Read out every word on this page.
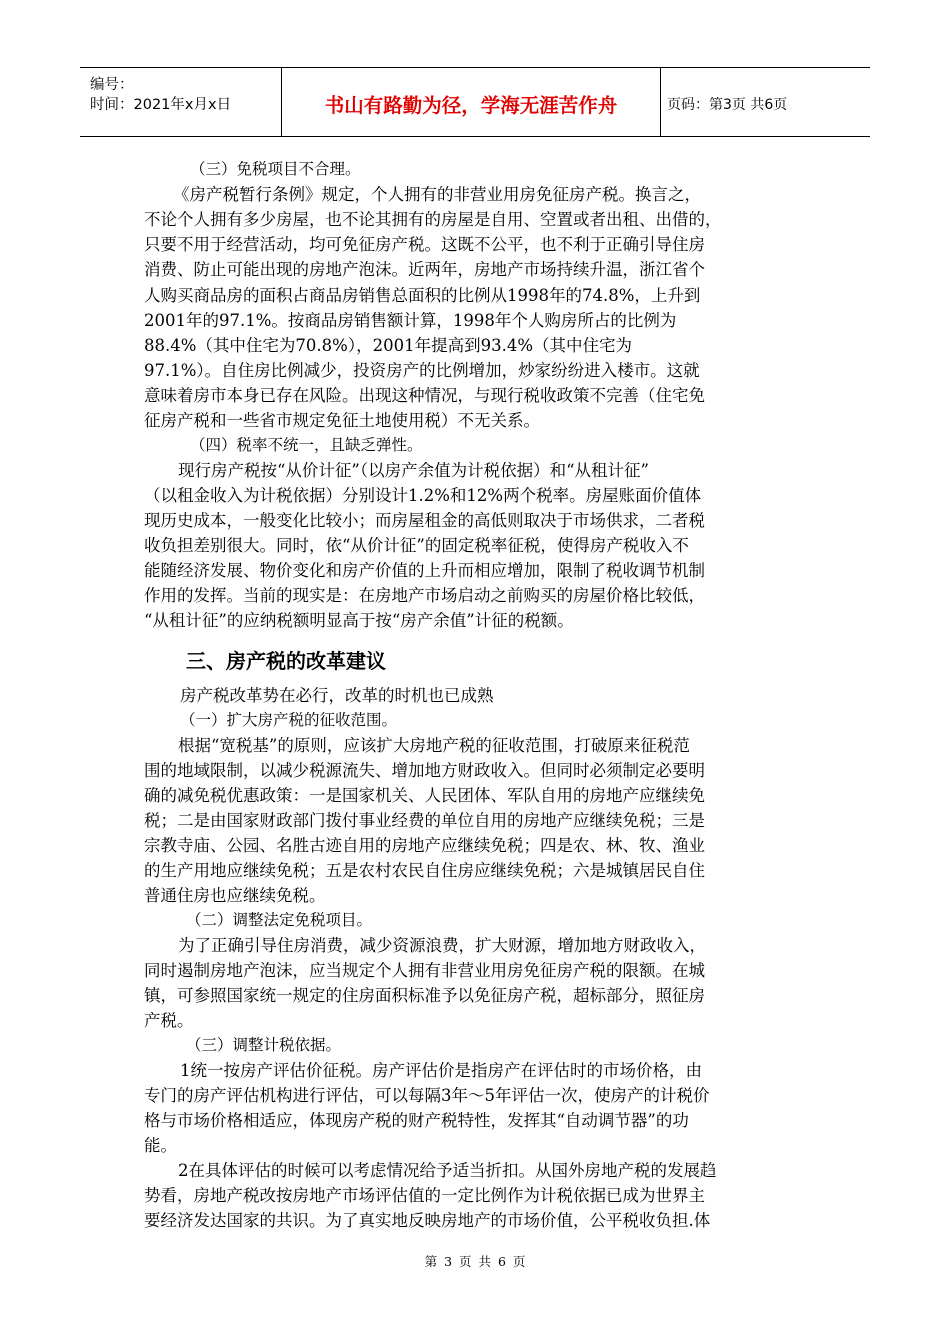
编号：
时间：2021年x月x日	书山有路勤为径，学海无涯苦作舟	页码：第3页 共6页
（三）免税项目不合理。
《房产税暂行条例》规定，个人拥有的非营业用房免征房产税。换言之，
不论个人拥有多少房屋，也不论其拥有的房屋是自用、空置或者出租、出借的，
只要不用于经营活动，均可免征房产税。这既不公平，也不利于正确引导住房
消费、防止可能出现的房地产泡沫。近两年，房地产市场持续升温，浙江省个
人购买商品房的面积占商品房销售总面积的比例从1998年的74.8%，上升到
2001年的97.1%。按商品房销售额计算，1998年个人购房所占的比例为
88.4%（其中住宅为70.8%），2001年提高到93.4%（其中住宅为
97.1%）。自住房比例减少，投资房产的比例增加，炒家纷纷进入楼市。这就
意味着房市本身已存在风险。出现这种情况，与现行税收政策不完善（住宅免
征房产税和一些省市规定免征土地使用税）不无关系。
（四）税率不统一，且缺乏弹性。
现行房产税按“从价计征”（以房产余值为计税依据）和“从租计征”
（以租金收入为计税依据）分别设计1.2%和12%两个税率。房屋账面价值体
现历史成本，一般变化比较小；而房屋租金的高低则取决于市场供求，二者税
收负担差别很大。同时，依“从价计征”的固定税率征税，使得房产税收入不
能随经济发展、物价变化和房产价值的上升而相应增加，限制了税收调节机制
作用的发挥。当前的现实是：在房地产市场启动之前购买的房屋价格比较低，
“从租计征”的应纳税额明显高于按“房产余值”计征的税额。
三、房产税的改革建议
房产税改革势在必行，改革的时机也已成熟
（一）扩大房产税的征收范围。
根据“宽税基”的原则，应该扩大房地产税的征收范围，打破原来征税范
围的地域限制，以减少税源流失、增加地方财政收入。但同时必须制定必要明
确的减免税优惠政策：一是国家机关、人民团体、军队自用的房地产应继续免
税；二是由国家财政部门拨付事业经费的单位自用的房地产应继续免税；三是
宗教寺庙、公园、名胜古迹自用的房地产应继续免税；四是农、林、牧、渔业
的生产用地应继续免税；五是农村农民自住房应继续免税；六是城镇居民自住
普通住房也应继续免税。
（二）调整法定免税项目。
为了正确引导住房消费，减少资源浪费，扩大财源，增加地方财政收入，
同时遏制房地产泡沫，应当规定个人拥有非营业用房免征房产税的限额。在城
镇，可参照国家统一规定的住房面积标准予以免征房产税，超标部分，照征房
产税。
（三）调整计税依据。
1统一按房产评估价征税。房产评估价是指房产在评估时的市场价格，由
专门的房产评估机构进行评估，可以每隔3年～5年评估一次，使房产的计税价
格与市场价格相适应，体现房产税的财产税特性，发挥其“自动调节器”的功
能。
2在具体评估的时候可以考虑情况给予适当折扣。从国外房地产税的发展趋
势看，房地产税改按房地产市场评估值的一定比例作为计税依据已成为世界主
要经济发达国家的共识。为了真实地反映房地产的市场价值，公平税收负担.体
第 3 页 共 6 页
